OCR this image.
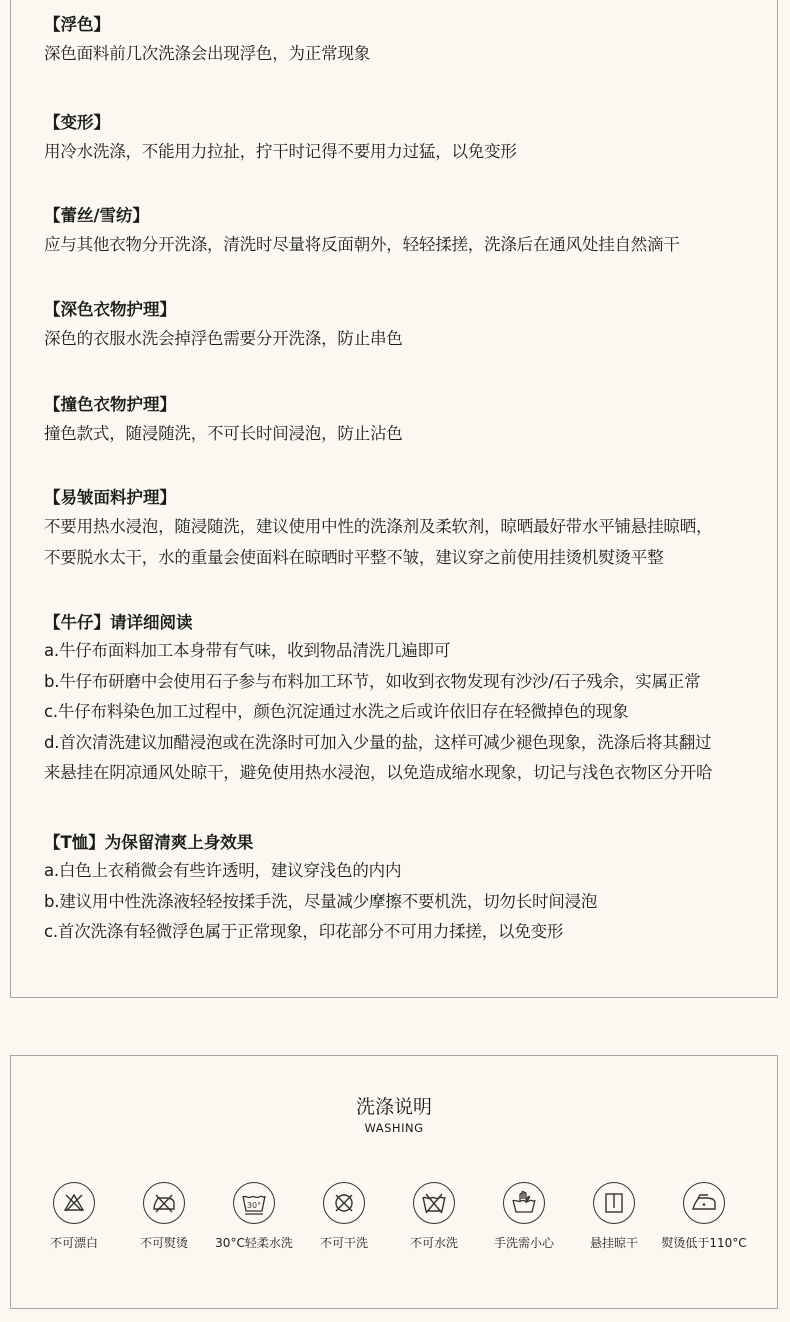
【浮色】
深色面料前几次洗涤会出现浮色，为正常现象
【变形】
用冷水洗涤，不能用力拉扯，拧干时记得不要用力过猛，以免变形
【蕾丝/雪纺】
应与其他衣物分开洗涤，清洗时尽量将反面朝外，轻轻揉搓，洗涤后在通风处挂自然滴干
【深色衣物护理】
深色的衣服水洗会掉浮色需要分开洗涤，防止串色
【撞色衣物护理】
撞色款式，随浸随洗，不可长时间浸泡，防止沾色
【易皱面料护理】
不要用热水浸泡，随浸随洗，建议使用中性的洗涤剂及柔软剂，晾晒最好带水平铺悬挂晾晒，
不要脱水太干，水的重量会使面料在晾晒时平整不皱，建议穿之前使用挂烫机熨烫平整
【牛仔】请详细阅读
a.牛仔布面料加工本身带有气味，收到物品清洗几遍即可
b.牛仔布研磨中会使用石子参与布料加工环节，如收到衣物发现有沙沙/石子残余，实属正常
c.牛仔布料染色加工过程中，颜色沉淀通过水洗之后或许依旧存在轻微掉色的现象
d.首次清洗建议加醋浸泡或在洗涤时可加入少量的盐，这样可减少褪色现象，洗涤后将其翻过
来悬挂在阴凉通风处晾干，避免使用热水浸泡，以免造成缩水现象，切记与浅色衣物区分开哈
【T恤】为保留清爽上身效果
a.白色上衣稍微会有些许透明，建议穿浅色的内内
b.建议用中性洗涤液轻轻按揉手洗，尽量减少摩擦不要机洗，切勿长时间浸泡
c.首次洗涤有轻微浮色属于正常现象，印花部分不可用力揉搓，以免变形
洗涤说明
WASHING
不可漂白	不可熨烫
30°
30°C轻柔水洗	不可干洗	不可水洗	手洗需小心	悬挂晾干	熨烫低于110°C
